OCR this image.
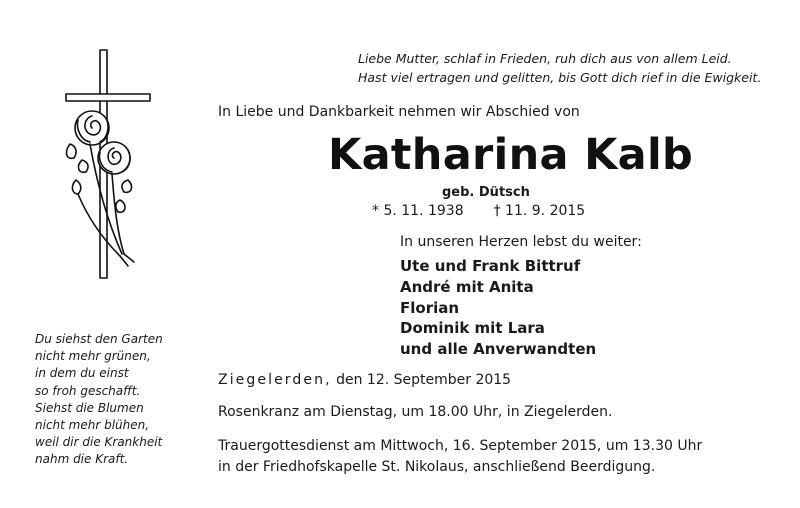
Liebe Mutter, schlaf in Frieden, ruh dich aus von allem Leid.
Hast viel ertragen und gelitten, bis Gott dich rief in die Ewigkeit.
In Liebe und Dankbarkeit nehmen wir Abschied von
Katharina Kalb
geb. Dütsch
* 5. 11. 1938 † 11. 9. 2015
In unseren Herzen lebst du weiter:
Ute und Frank Bittruf
André mit Anita
Florian
Dominik mit Lara
und alle Anverwandten
Ziegelerden, den 12. September 2015
Rosenkranz am Dienstag, um 18.00 Uhr, in Ziegelerden.
Trauergottesdienst am Mittwoch, 16. September 2015, um 13.30 Uhr
in der Friedhofskapelle St. Nikolaus, anschließend Beerdigung.
Du siehst den Garten
nicht mehr grünen,
in dem du einst
so froh geschafft.
Siehst die Blumen
nicht mehr blühen,
weil dir die Krankheit
nahm die Kraft.
